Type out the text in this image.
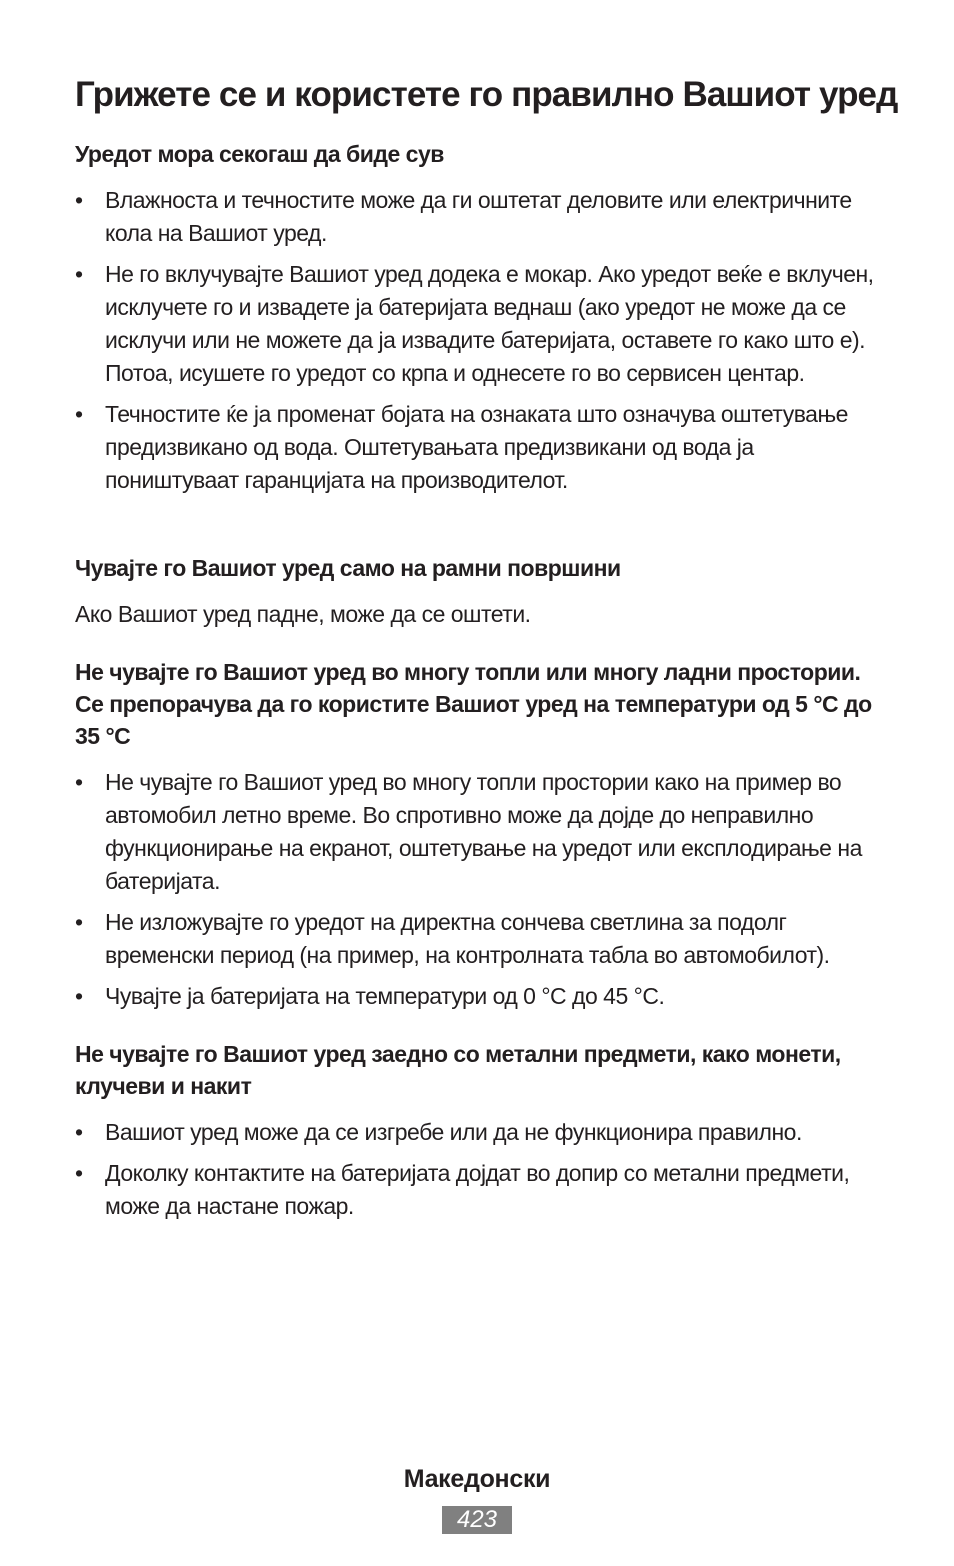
Грижете се и користете го правилно Вашиот уред
Уредот мора секогаш да биде сув
• Влажноста и течностите може да ги оштетат деловите или електричните кола на Вашиот уред.
• Не го вклучувајте Вашиот уред додека е мокар. Ако уредот веќе е вклучен, исклучете го и извадете ја батеријата веднаш (ако уредот не може да се исклучи или не можете да ја извадите батеријата, оставете го како што е). Потоа, исушете го уредот со крпа и однесете го во сервисен центар.
• Течностите ќе ја променат бојата на ознаката што означува оштетување предизвикано од вода. Оштетувањата предизвикани од вода ја поништуваат гаранцијата на производителот.
Чувајте го Вашиот уред само на рамни површини

Ако Вашиот уред падне, може да се оштети.

Не чувајте го Вашиот уред во многу топли или многу ладни простории. Се препорачува да го користите Вашиот уред на температури од 5 °C до 35 °C
• Не чувајте го Вашиот уред во многу топли простории како на пример во автомобил летно време. Во спротивно може да дојде до неправилно функционирање на екранот, оштетување на уредот или експлодирање на батеријата.
• Не изложувајте го уредот на директна сончева светлина за подолг временски период (на пример, на контролната табла во автомобилот).
• Чувајте ја батеријата на температури од 0 °C до 45 °C.
Не чувајте го Вашиот уред заедно со метални предмети, како монети, клучеви и накит
• Вашиот уред може да се изгребе или да не функционира правилно.
• Доколку контактите на батеријата дојдат во допир со метални предмети, може да настане пожар.
Македонски
423
